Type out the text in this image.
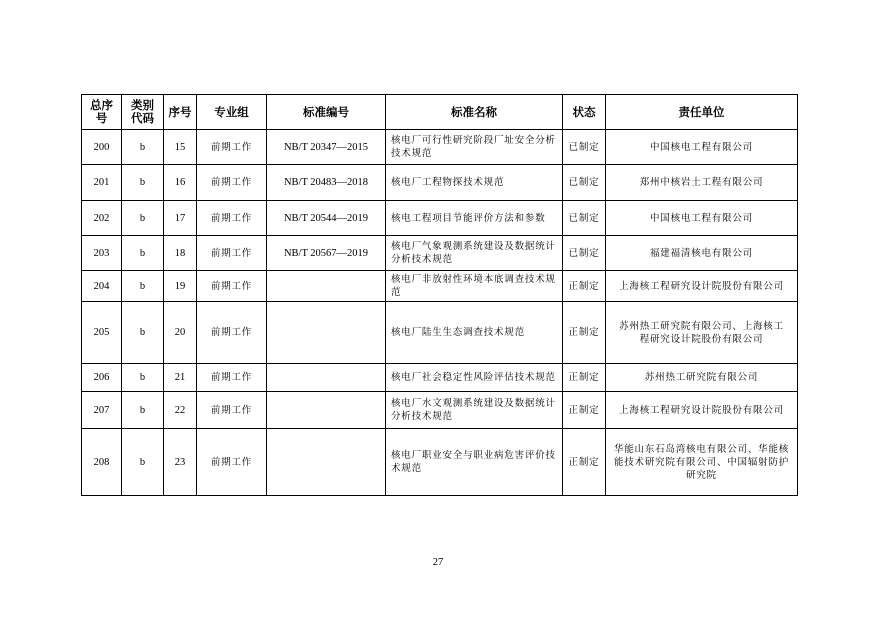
总序号	类别代码	序号	专业组	标准编号	标准名称	状态	责任单位
200	b	15	前期工作	NB/T 20347—2015	核电厂可行性研究阶段厂址安全分析技术规范	已制定	中国核电工程有限公司
201	b	16	前期工作	NB/T 20483—2018	核电厂工程物探技术规范	已制定	郑州中核岩土工程有限公司
202	b	17	前期工作	NB/T 20544—2019	核电工程项目节能评价方法和参数	已制定	中国核电工程有限公司
203	b	18	前期工作	NB/T 20567—2019	核电厂气象观测系统建设及数据统计分析技术规范	已制定	福建福清核电有限公司
204	b	19	前期工作		核电厂非放射性环境本底调查技术规范	正制定	上海核工程研究设计院股份有限公司
205	b	20	前期工作		核电厂陆生生态调查技术规范	正制定	苏州热工研究院有限公司、上海核工程研究设计院股份有限公司
206	b	21	前期工作		核电厂社会稳定性风险评估技术规范	正制定	苏州热工研究院有限公司
207	b	22	前期工作		核电厂水文观测系统建设及数据统计分析技术规范	正制定	上海核工程研究设计院股份有限公司
208	b	23	前期工作		核电厂职业安全与职业病危害评价技术规范	正制定	华能山东石岛湾核电有限公司、华能核能技术研究院有限公司、中国辐射防护研究院
27
